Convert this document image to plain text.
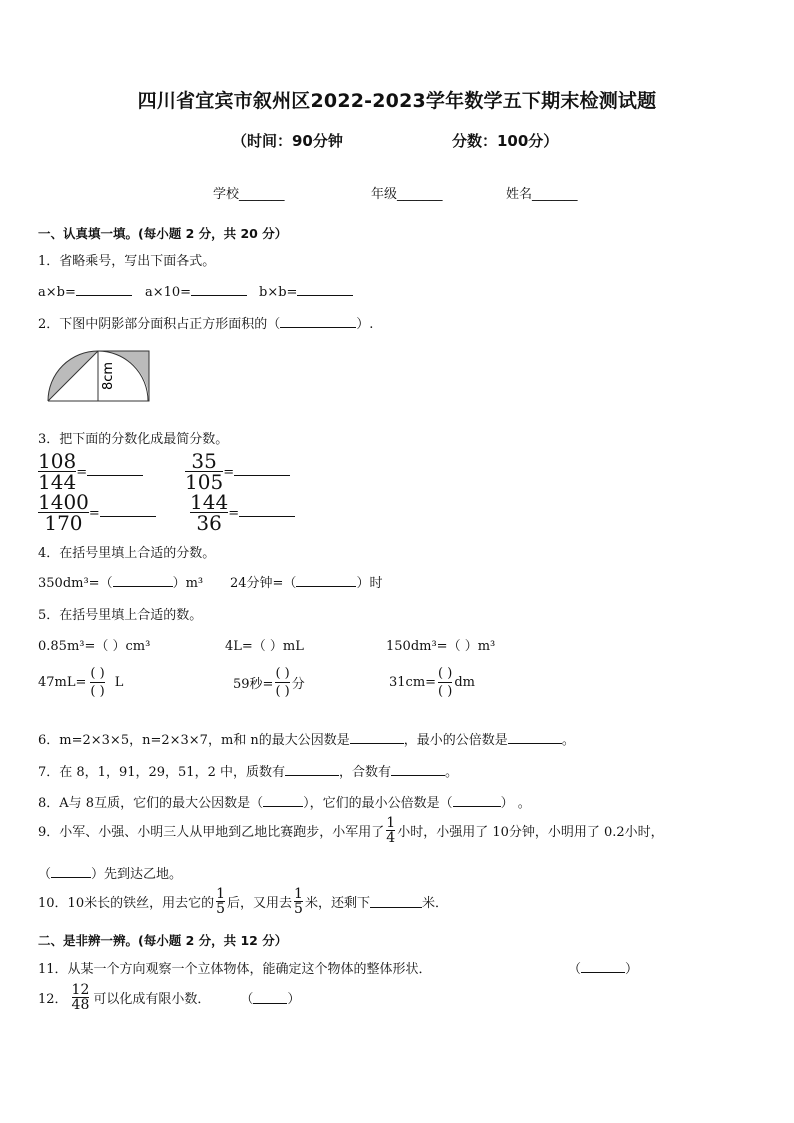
四川省宜宾市叙州区2022-2023学年数学五下期末检测试题
（时间：90分钟	分数：100分）
学校_______	年级_______	姓名_______
一、认真填一填。(每小题 2 分，共 20 分）
1．省略乘号，写出下面各式。
a×b=	a×10=	b×b=
2．下图中阴影部分面积占正方形面积的（	）.
8cm
3．把下面的分数化成最简分数。
$\frac{108}{144}$ =	$\frac{35}{105}$ =
$\frac{1400}{170}$ =	$\frac{144}{36}$ =
4．在括号里填上合适的分数。
350dm³=（	）m³ 24分钟=（	）时
5．在括号里填上合适的数。
0.85m³=（ ）cm³	4L=（ ）mL	150dm³=（ ）m³
$47mL= \frac{( )}{( )}$ L	59秒= $\frac{( )}{( )}$ 分	$31cm= \frac{( )}{( )}$ dm
6．m=2×3×5，n=2×3×7，m和 n的最大公因数是	，最小的公倍数是	。
7．在 8，1，91，29，51，2 中，质数有	，合数有	。
8．A与 8互质，它们的最大公因数是（	），它们的最小公倍数是（	） 。
9．小军、小强、小明三人从甲地到乙地比赛跑步，小军用了 $\frac{1}{4}$ 小时，小强用了 10分钟，小明用了 0.2小时，
（	）先到达乙地。
10．10米长的铁丝，用去它的 $\frac{1}{5}$ 后，又用去 $\frac{1}{5}$ 米，还剩下	米．
二、是非辨一辨。(每小题 2 分，共 12 分）
11．从某一个方向观察一个立体物体，能确定这个物体的整体形状．	（	）
12． $\frac{12}{48}$ 可以化成有限小数． （	）
